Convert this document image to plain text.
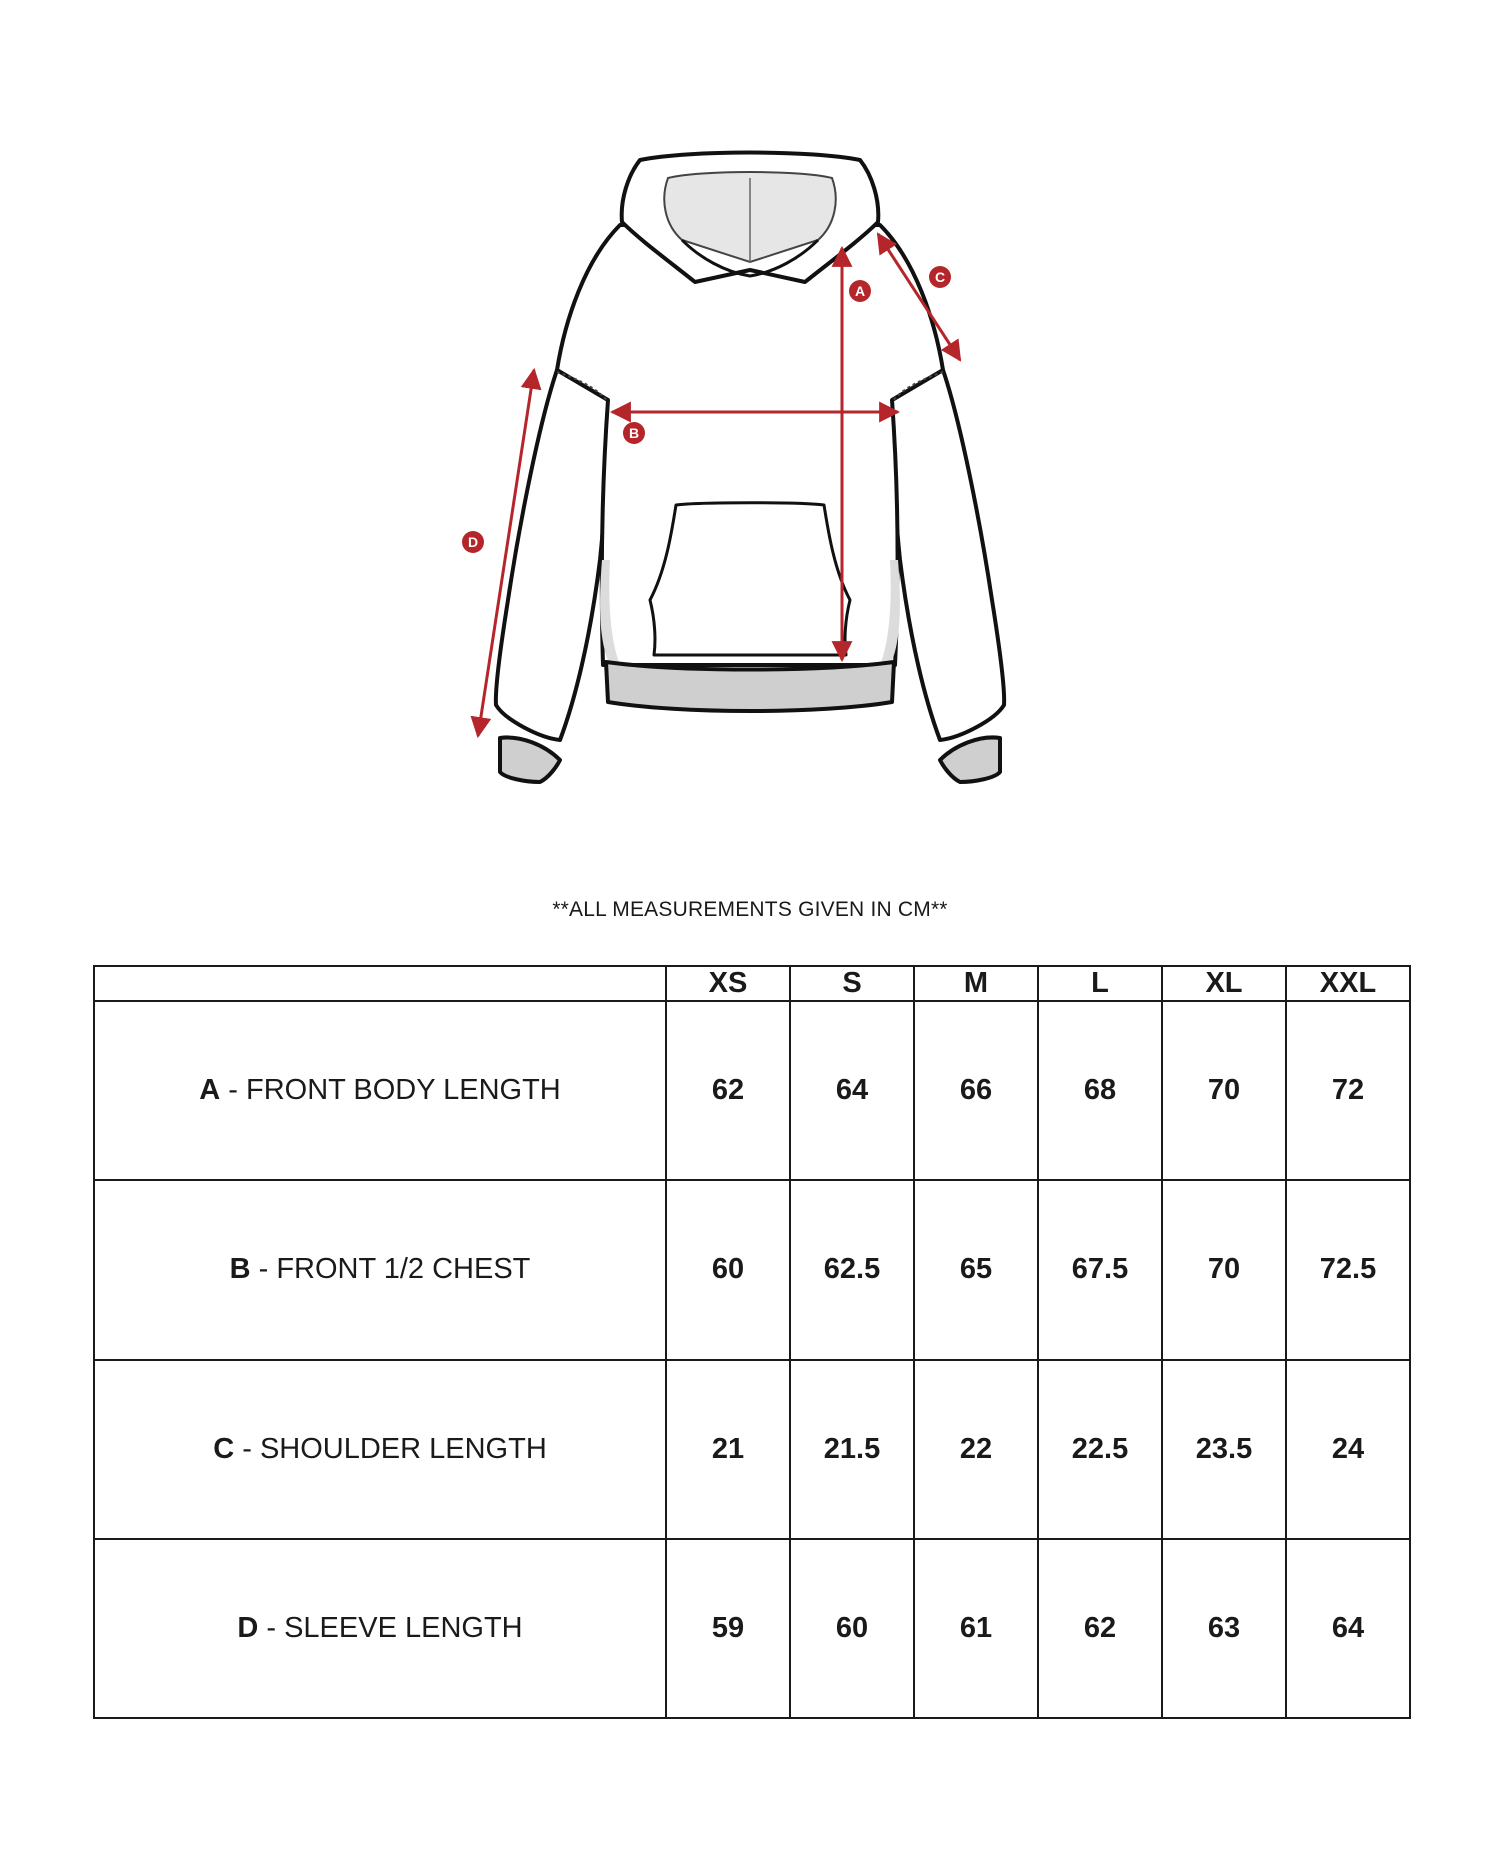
A
B
C
D
**ALL MEASUREMENTS GIVEN IN CM**
	XS	S	M	L	XL	XXL
A - FRONT BODY LENGTH	62	64	66	68	70	72
B - FRONT 1/2 CHEST	60	62.5	65	67.5	70	72.5
C - SHOULDER LENGTH	21	21.5	22	22.5	23.5	24
D - SLEEVE LENGTH	59	60	61	62	63	64
